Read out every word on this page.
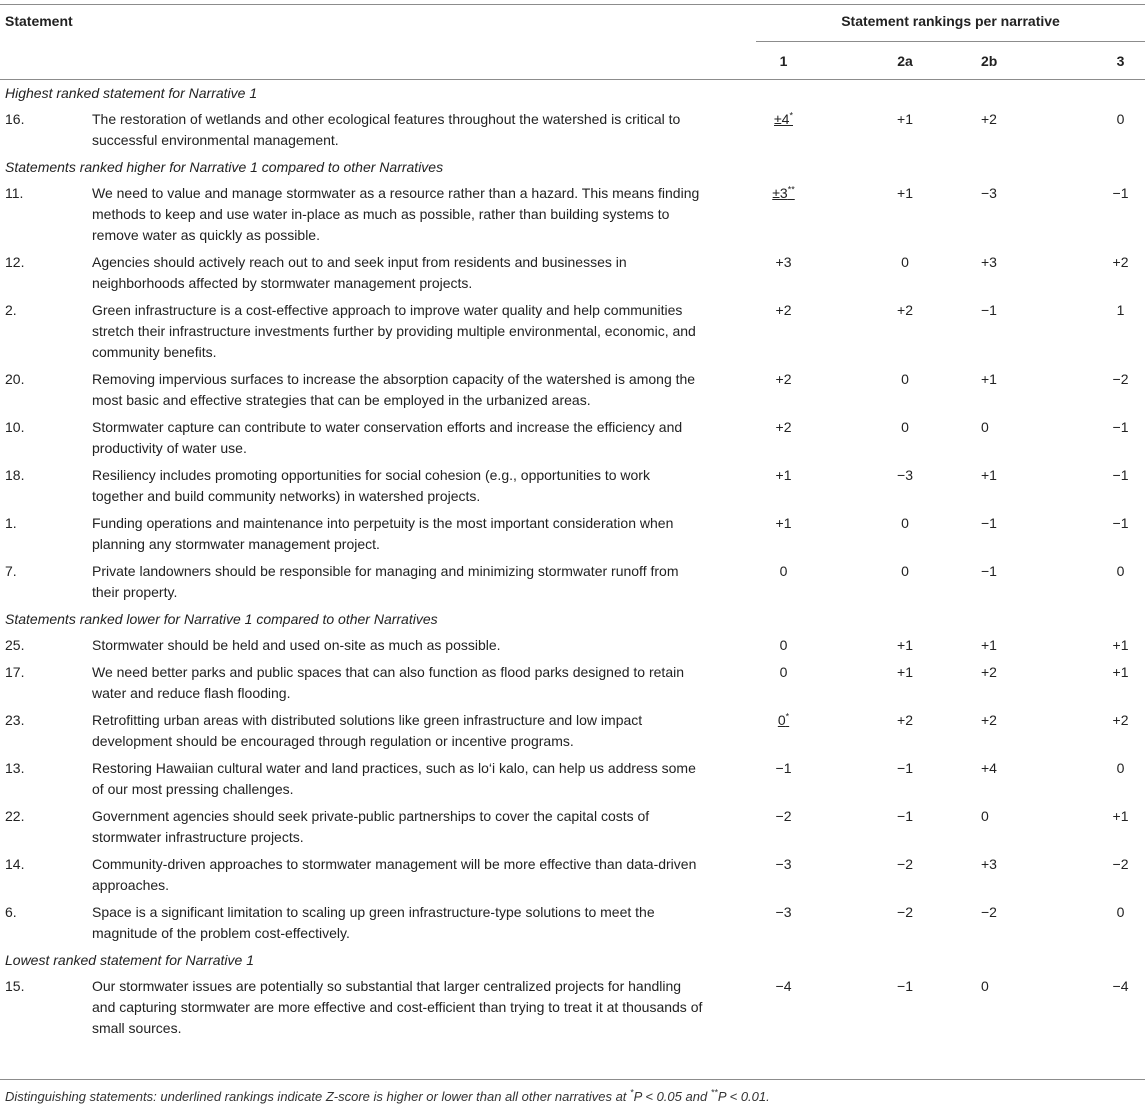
Statement		Statement rankings per narrative			
		1	2a	2b	3
Highest ranked statement for Narrative 1					
16.	The restoration of wetlands and other ecological features throughout the watershed is critical to successful environmental management.	±4*	+1	+2	0
Statements ranked higher for Narrative 1 compared to other Narratives					
11.	We need to value and manage stormwater as a resource rather than a hazard. This means finding methods to keep and use water in-place as much as possible, rather than building systems to remove water as quickly as possible.	±3**	+1	−3	−1
12.	Agencies should actively reach out to and seek input from residents and businesses in neighborhoods affected by stormwater management projects.	+3	0	+3	+2
2.	Green infrastructure is a cost-effective approach to improve water quality and help communities stretch their infrastructure investments further by providing multiple environmental, economic, and community benefits.	+2	+2	−1	1
20.	Removing impervious surfaces to increase the absorption capacity of the watershed is among the most basic and effective strategies that can be employed in the urbanized areas.	+2	0	+1	−2
10.	Stormwater capture can contribute to water conservation efforts and increase the efficiency and productivity of water use.	+2	0	0	−1
18.	Resiliency includes promoting opportunities for social cohesion (e.g., opportunities to work together and build community networks) in watershed projects.	+1	−3	+1	−1
1.	Funding operations and maintenance into perpetuity is the most important consideration when planning any stormwater management project.	+1	0	−1	−1
7.	Private landowners should be responsible for managing and minimizing stormwater runoff from their property.	0	0	−1	0
Statements ranked lower for Narrative 1 compared to other Narratives					
25.	Stormwater should be held and used on-site as much as possible.	0	+1	+1	+1
17.	We need better parks and public spaces that can also function as flood parks designed to retain water and reduce flash flooding.	0	+1	+2	+1
23.	Retrofitting urban areas with distributed solutions like green infrastructure and low impact development should be encouraged through regulation or incentive programs.	0*	+2	+2	+2
13.	Restoring Hawaiian cultural water and land practices, such as lo‘i kalo, can help us address some of our most pressing challenges.	−1	−1	+4	0
22.	Government agencies should seek private-public partnerships to cover the capital costs of stormwater infrastructure projects.	−2	−1	0	+1
14.	Community-driven approaches to stormwater management will be more effective than data-driven approaches.	−3	−2	+3	−2
6.	Space is a significant limitation to scaling up green infrastructure-type solutions to meet the magnitude of the problem cost-effectively.	−3	−2	−2	0
Lowest ranked statement for Narrative 1					
15.	Our stormwater issues are potentially so substantial that larger centralized projects for handling and capturing stormwater are more effective and cost-efficient than trying to treat it at thousands of small sources.	−4	−1	0	−4
Distinguishing statements: underlined rankings indicate Z-score is higher or lower than all other narratives at *P < 0.05 and **P < 0.01.
